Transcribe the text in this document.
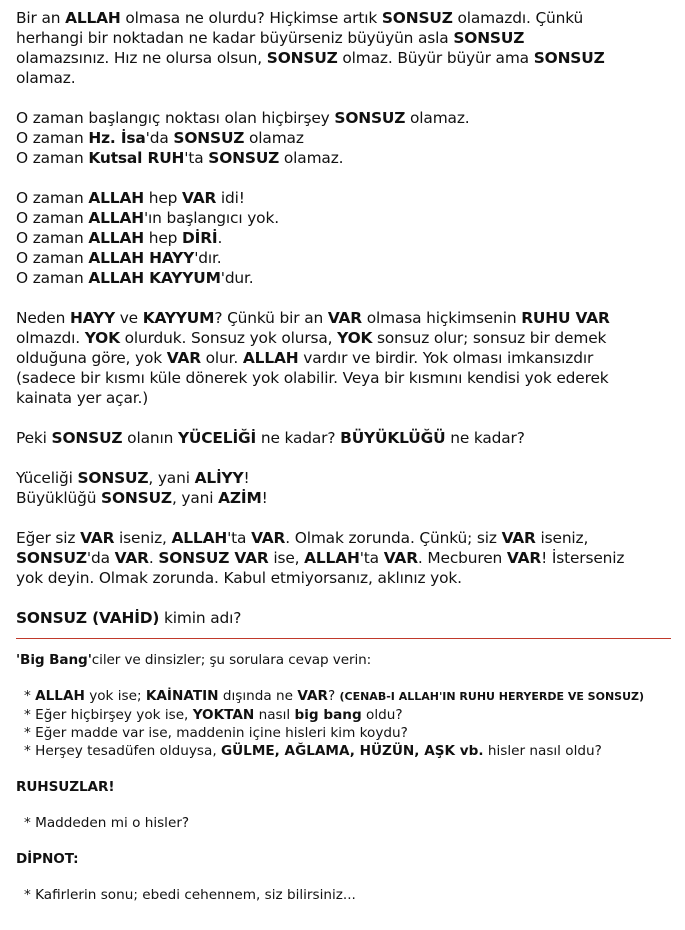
Bir an ALLAH olmasa ne olurdu? Hiçkimse artık SONSUZ olamazdı. Çünkü
herhangi bir noktadan ne kadar büyürseniz büyüyün asla SONSUZ
olamazsınız. Hız ne olursa olsun, SONSUZ olmaz. Büyür büyür ama SONSUZ
olamaz.

O zaman başlangıç noktası olan hiçbirşey SONSUZ olamaz.
O zaman Hz. İsa'da SONSUZ olamaz
O zaman Kutsal RUH'ta SONSUZ olamaz.

O zaman ALLAH hep VAR idi!
O zaman ALLAH'ın başlangıcı yok.
O zaman ALLAH hep DİRİ.
O zaman ALLAH HAYY'dır.
O zaman ALLAH KAYYUM'dur.

Neden HAYY ve KAYYUM? Çünkü bir an VAR olmasa hiçkimsenin RUHU VAR
olmazdı. YOK olurduk. Sonsuz yok olursa, YOK sonsuz olur; sonsuz bir demek
olduğuna göre, yok VAR olur. ALLAH vardır ve birdir. Yok olması imkansızdır
(sadece bir kısmı küle dönerek yok olabilir. Veya bir kısmını kendisi yok ederek
kainata yer açar.)

Peki SONSUZ olanın YÜCELİĞİ ne kadar? BÜYÜKLÜĞÜ ne kadar?

Yüceliği SONSUZ, yani ALİYY!
Büyüklüğü SONSUZ, yani AZİM!

Eğer siz VAR iseniz, ALLAH'ta VAR. Olmak zorunda. Çünkü; siz VAR iseniz,
SONSUZ'da VAR. SONSUZ VAR ise, ALLAH'ta VAR. Mecburen VAR! İsterseniz
yok deyin. Olmak zorunda. Kabul etmiyorsanız, aklınız yok.

SONSUZ (VAHİD) kimin adı?

'Big Bang'ciler ve dinsizler; şu sorulara cevap verin:

* ALLAH yok ise; KAİNATIN dışında ne VAR? (CENAB-I ALLAH'IN RUHU HERYERDE VE SONSUZ)
* Eğer hiçbirşey yok ise, YOKTAN nasıl big bang oldu?
* Eğer madde var ise, maddenin içine hisleri kim koydu?
* Herşey tesadüfen olduysa, GÜLME, AĞLAMA, HÜZÜN, AŞK vb. hisler nasıl oldu?

RUHSUZLAR!

* Maddeden mi o hisler?

DİPNOT:

* Kafirlerin sonu; ebedi cehennem, siz bilirsiniz...
